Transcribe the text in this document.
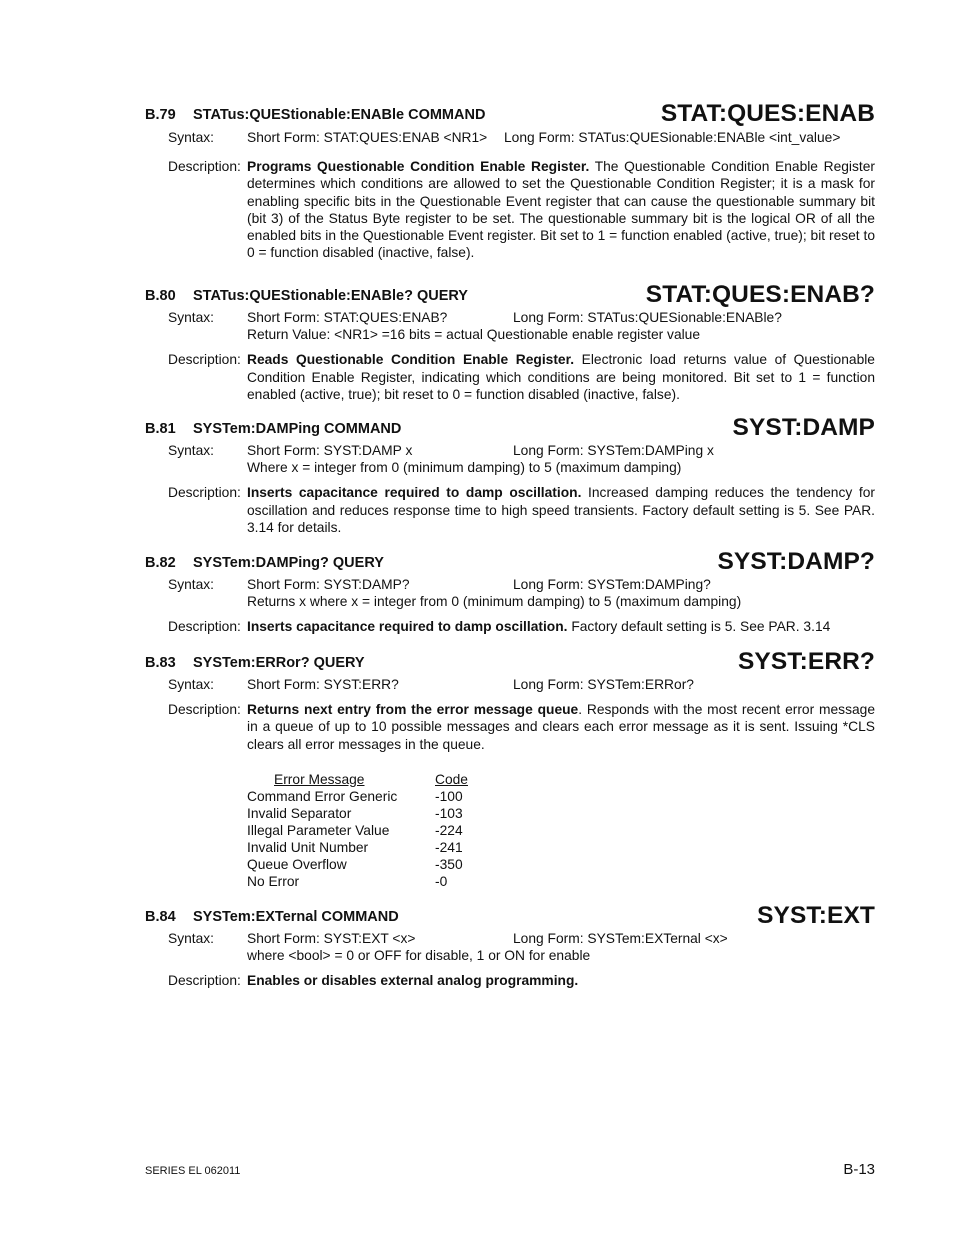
B.79 STATus:QUEStionable:ENABle COMMAND	STAT:QUES:ENAB
Syntax: Short Form: STAT:QUES:ENAB <NR1> Long Form: STATus:QUESionable:ENABle <int_value>
Description: Programs Questionable Condition Enable Register. The Questionable Condition Enable Register determines which conditions are allowed to set the Questionable Condition Register; it is a mask for enabling specific bits in the Questionable Event register that can cause the questionable summary bit (bit 3) of the Status Byte register to be set. The questionable summary bit is the logical OR of all the enabled bits in the Questionable Event register. Bit set to 1 = function enabled (active, true); bit reset to 0 = function disabled (inactive, false).
B.80 STATus:QUEStionable:ENABle? QUERY	STAT:QUES:ENAB?
Syntax: Short Form: STAT:QUES:ENAB?	Long Form: STATus:QUESionable:ENABle?
Return Value: <NR1> =16 bits = actual Questionable enable register value
Description: Reads Questionable Condition Enable Register. Electronic load returns value of Questionable Condition Enable Register, indicating which conditions are being monitored. Bit set to 1 = function enabled (active, true); bit reset to 0 = function disabled (inactive, false).
B.81 SYSTem:DAMPing COMMAND	SYST:DAMP
Syntax: Short Form: SYST:DAMP x	Long Form: SYSTem:DAMPing x
Where x = integer from 0 (minimum damping) to 5 (maximum damping)
Description: Inserts capacitance required to damp oscillation. Increased damping reduces the tendency for oscillation and reduces response time to high speed transients. Factory default setting is 5. See PAR. 3.14 for details.
B.82 SYSTem:DAMPing? QUERY	SYST:DAMP?
Syntax: Short Form: SYST:DAMP?	Long Form: SYSTem:DAMPing?
Returns x where x = integer from 0 (minimum damping) to 5 (maximum damping)
Description: Inserts capacitance required to damp oscillation. Factory default setting is 5. See PAR. 3.14
B.83 SYSTem:ERRor? QUERY	SYST:ERR?
Syntax: Short Form: SYST:ERR?	Long Form: SYSTem:ERRor?
Description: Returns next entry from the error message queue. Responds with the most recent error message in a queue of up to 10 possible messages and clears each error message as it is sent. Issuing *CLS clears all error messages in the queue.
Error Message	Code
Command Error Generic	-100
Invalid Separator	-103
Illegal Parameter Value	-224
Invalid Unit Number	-241
Queue Overflow	-350
No Error	-0
B.84 SYSTem:EXTernal COMMAND	SYST:EXT
Syntax: Short Form: SYST:EXT <x>	Long Form: SYSTem:EXTernal <x>
where <bool> = 0 or OFF for disable, 1 or ON for enable
Description: Enables or disables external analog programming.
SERIES EL 062011	B-13
